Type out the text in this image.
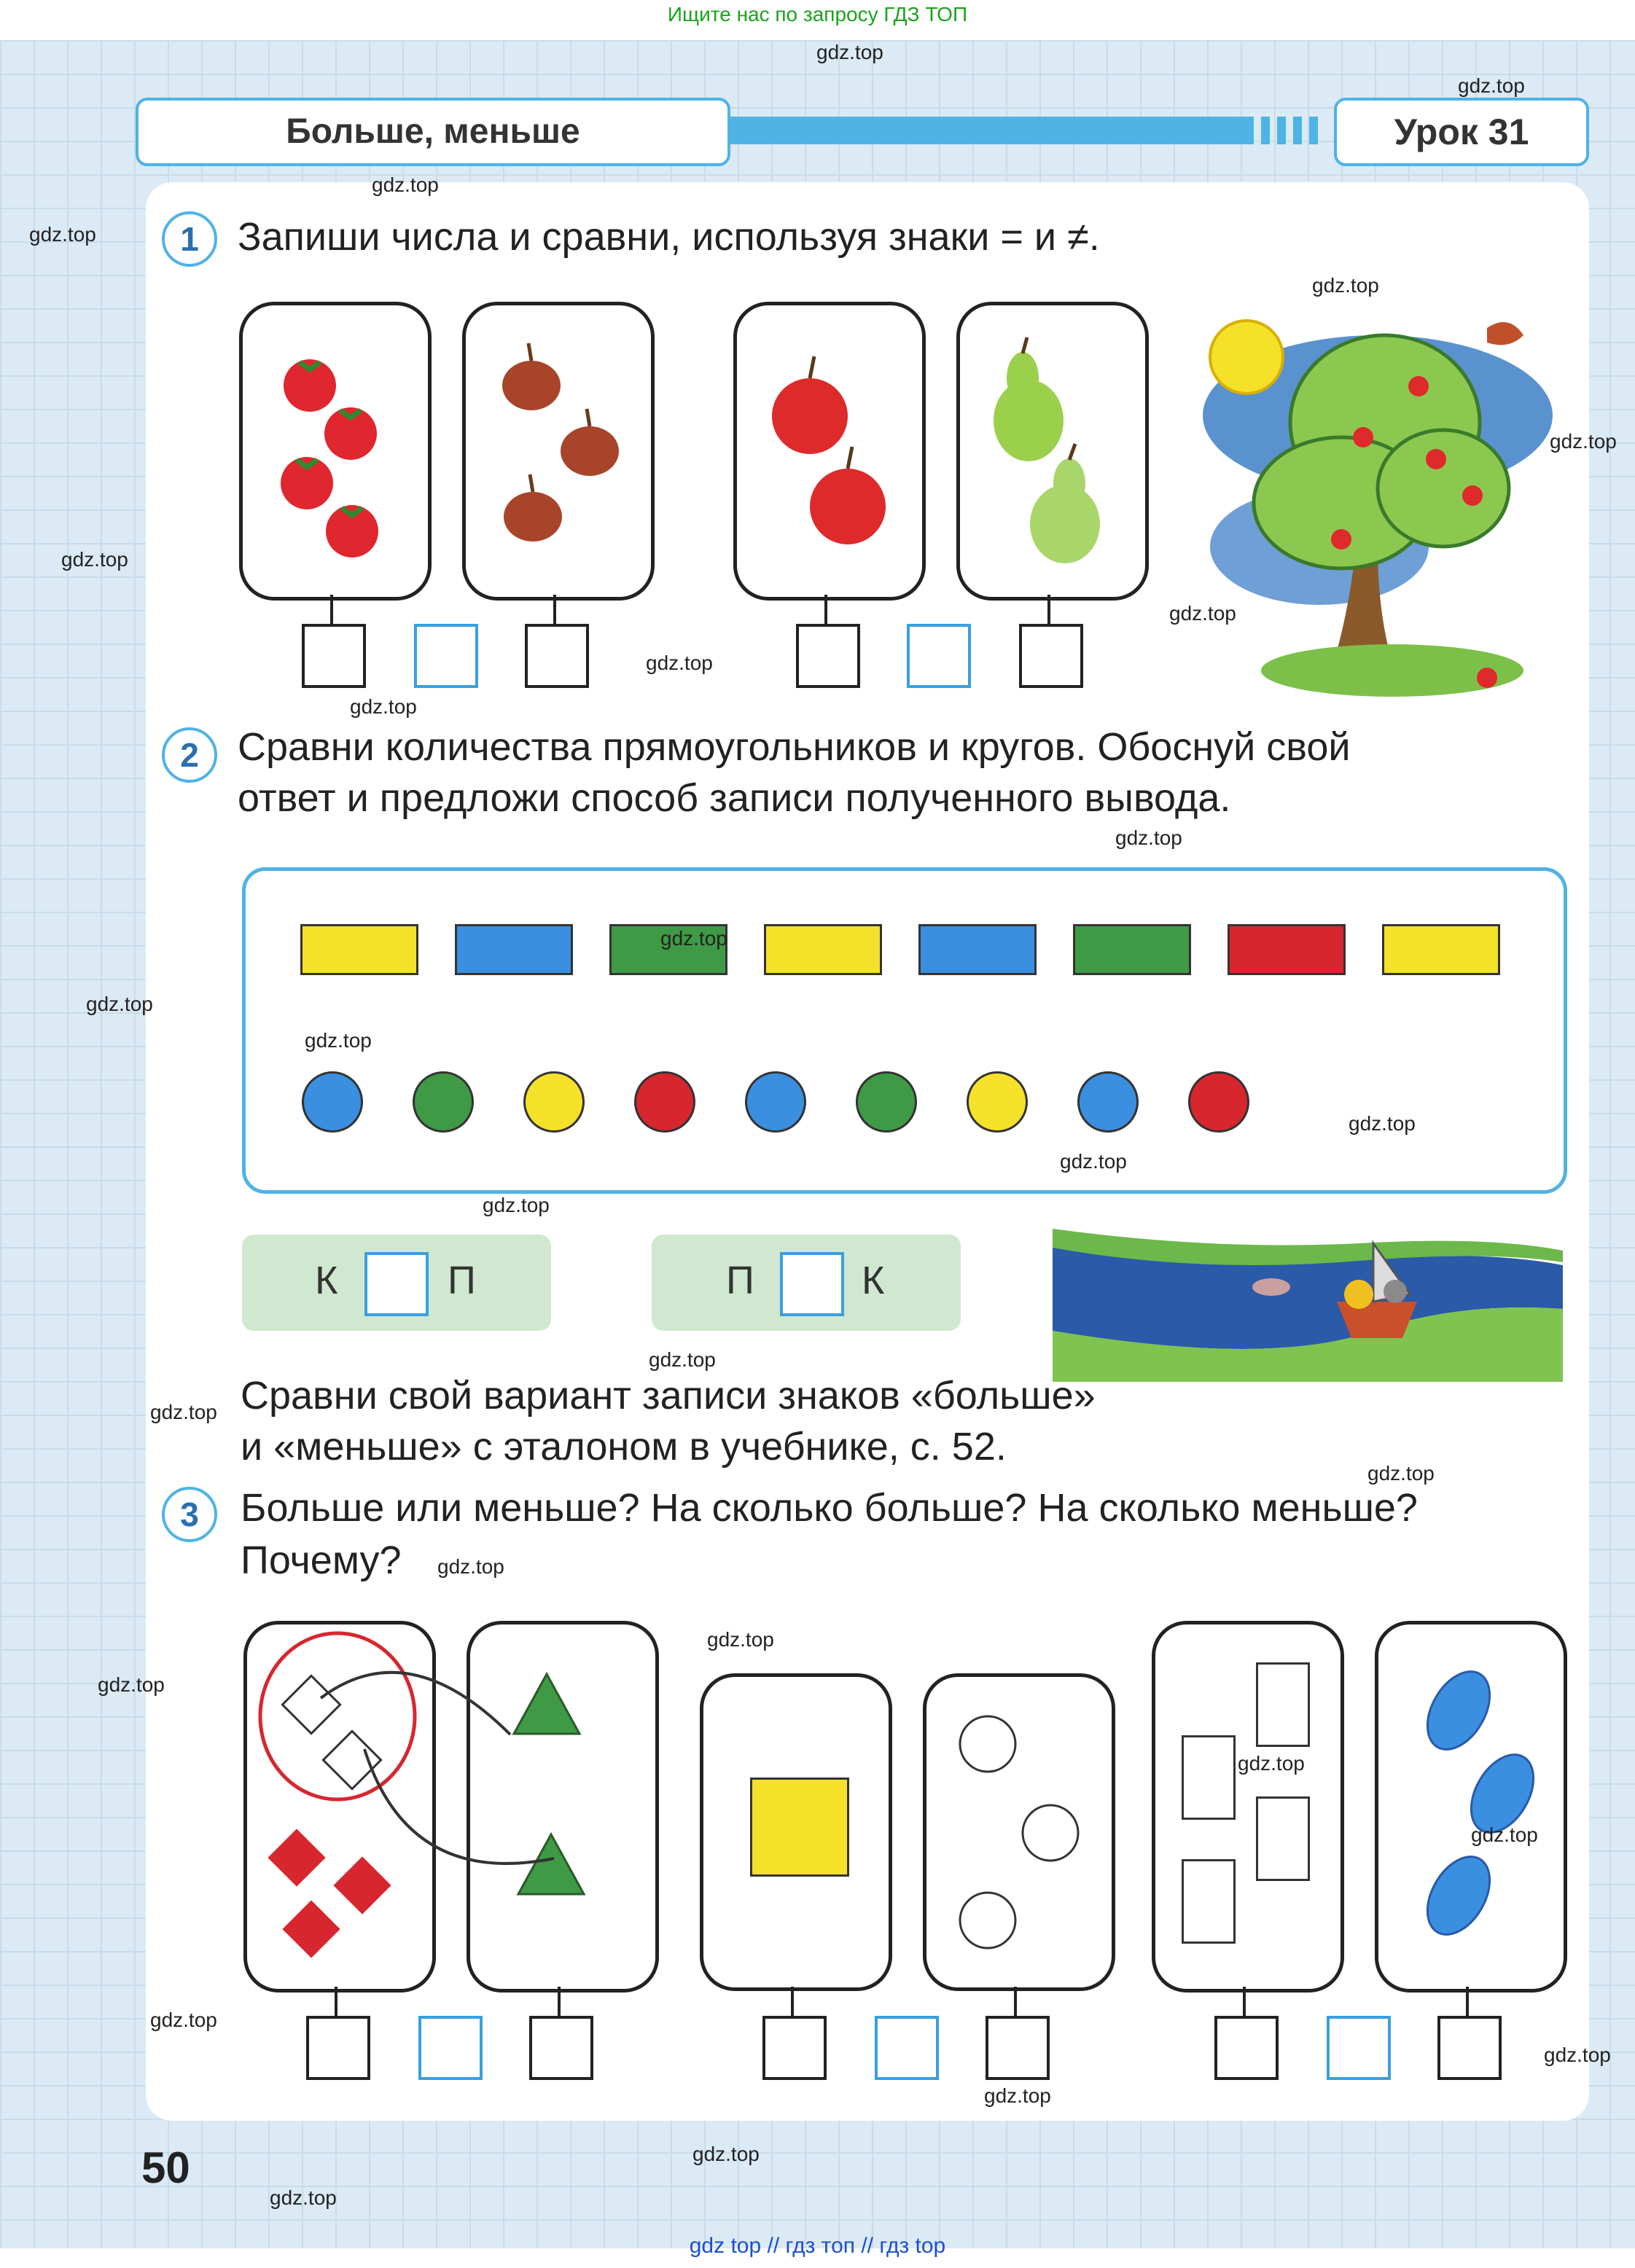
Ищите нас по запросу ГДЗ ТОП
Больше, меньше	Урок 31
1 Запиши числа и сравни, используя знаки = и ≠.
2 Сравни количества прямоугольников и кругов. Обоснуй свой
ответ и предложи способ записи полученного вывода.
К	П	П	К
Сравни свой вариант записи знаков «больше»
и «меньше» с эталоном в учебнике, с. 52.
3	Больше или меньше? На сколько больше? На сколько меньше?
Почему?
50
gdz.top
gdz.top
gdz.top
gdz.top
gdz.top
gdz.top
gdz.top
gdz.top
gdz.top
gdz.top
gdz.top
gdz.top
gdz.top
gdz.top
gdz.top
gdz.top
gdz.top
gdz.top
gdz.top
gdz.top
gdz.top
gdz.top
gdz.top
gdz.top
gdz.top
gdz.top
gdz.top
gdz.top
gdz.top
gdz.top
gdz top // гдз топ // гдз top
